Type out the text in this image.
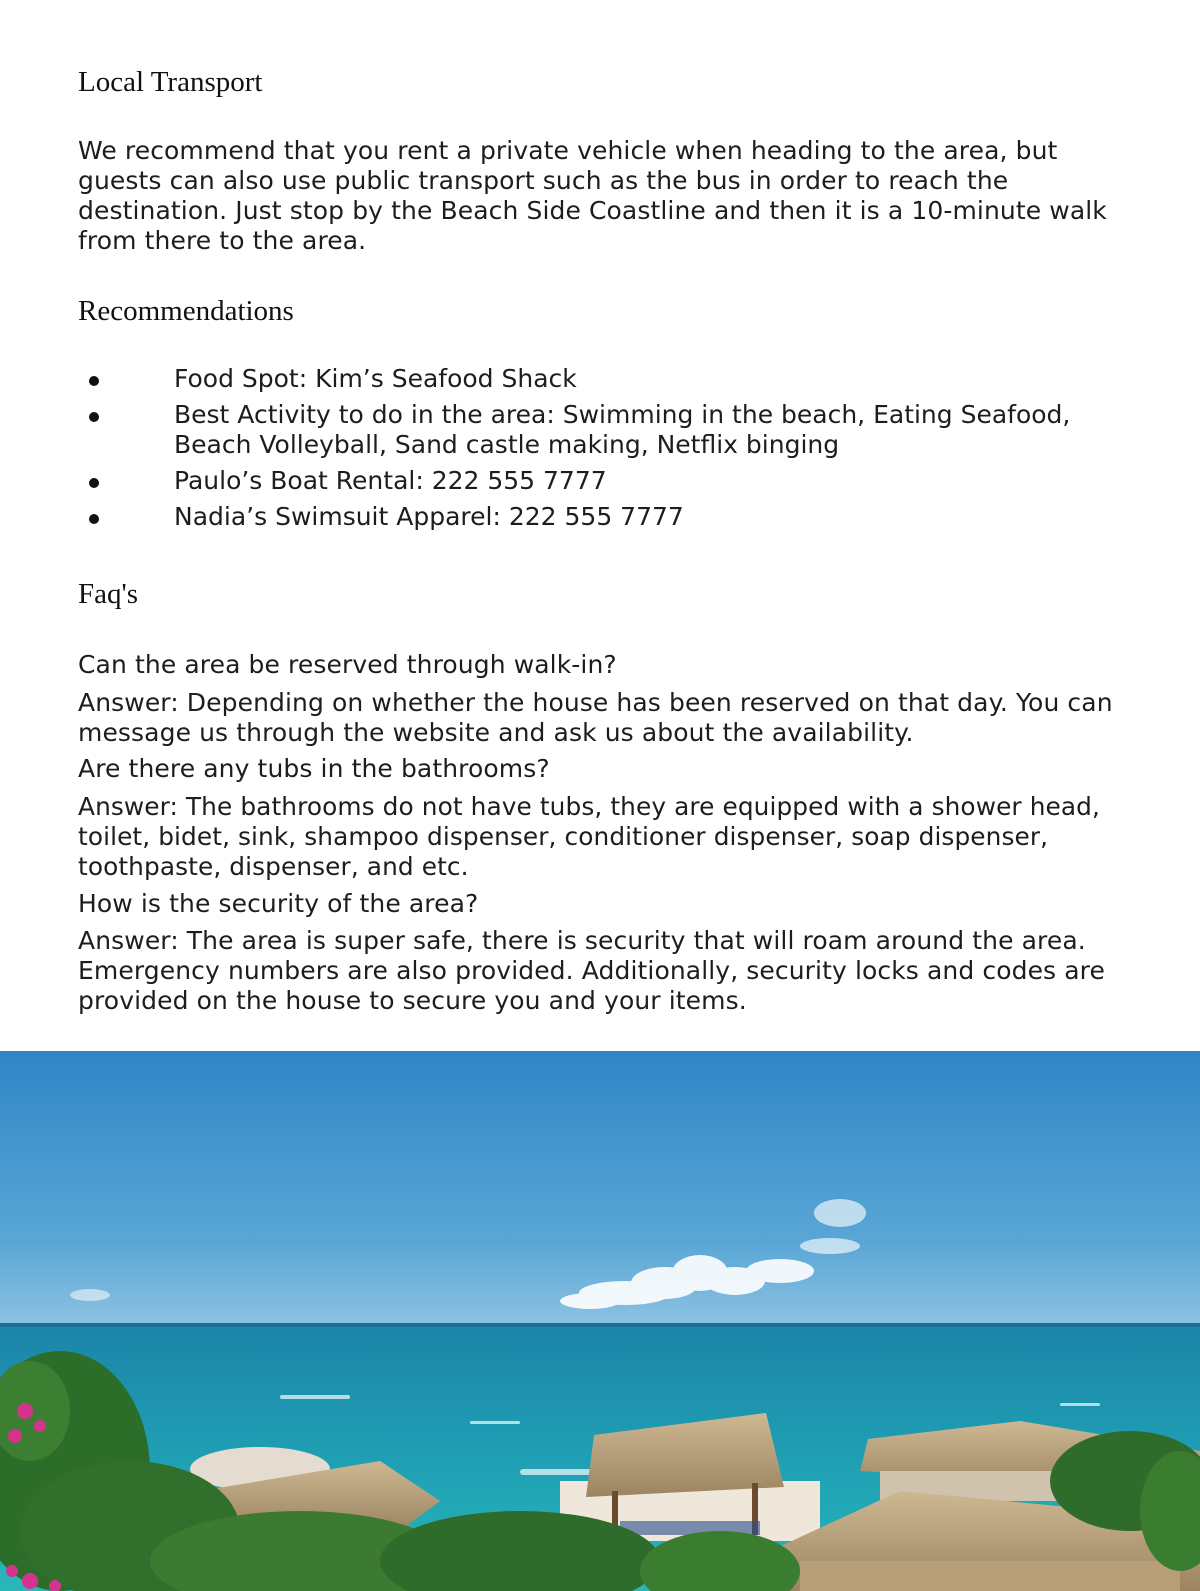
Local Transport
We recommend that you rent a private vehicle when heading to the area, but guests can also use public transport such as the bus in order to reach the destination. Just stop by the Beach Side Coastline and then it is a 10-minute walk from there to the area.
Recommendations
Food Spot: Kim’s Seafood Shack
Best Activity to do in the area: Swimming in the beach, Eating Seafood, Beach Volleyball, Sand castle making, Netflix binging
Paulo’s Boat Rental: 222 555 7777
Nadia’s Swimsuit Apparel: 222 555 7777
Faq's
Can the area be reserved through walk-in?
Answer: Depending on whether the house has been reserved on that day. You can message us through the website and ask us about the availability.
Are there any tubs in the bathrooms?
Answer: The bathrooms do not have tubs, they are equipped with a shower head, toilet, bidet, sink, shampoo dispenser, conditioner dispenser, soap dispenser, toothpaste, dispenser, and etc.
How is the security of the area?
Answer: The area is super safe, there is security that will roam around the area. Emergency numbers are also provided. Additionally, security locks and codes are provided on the house to secure you and your items.
